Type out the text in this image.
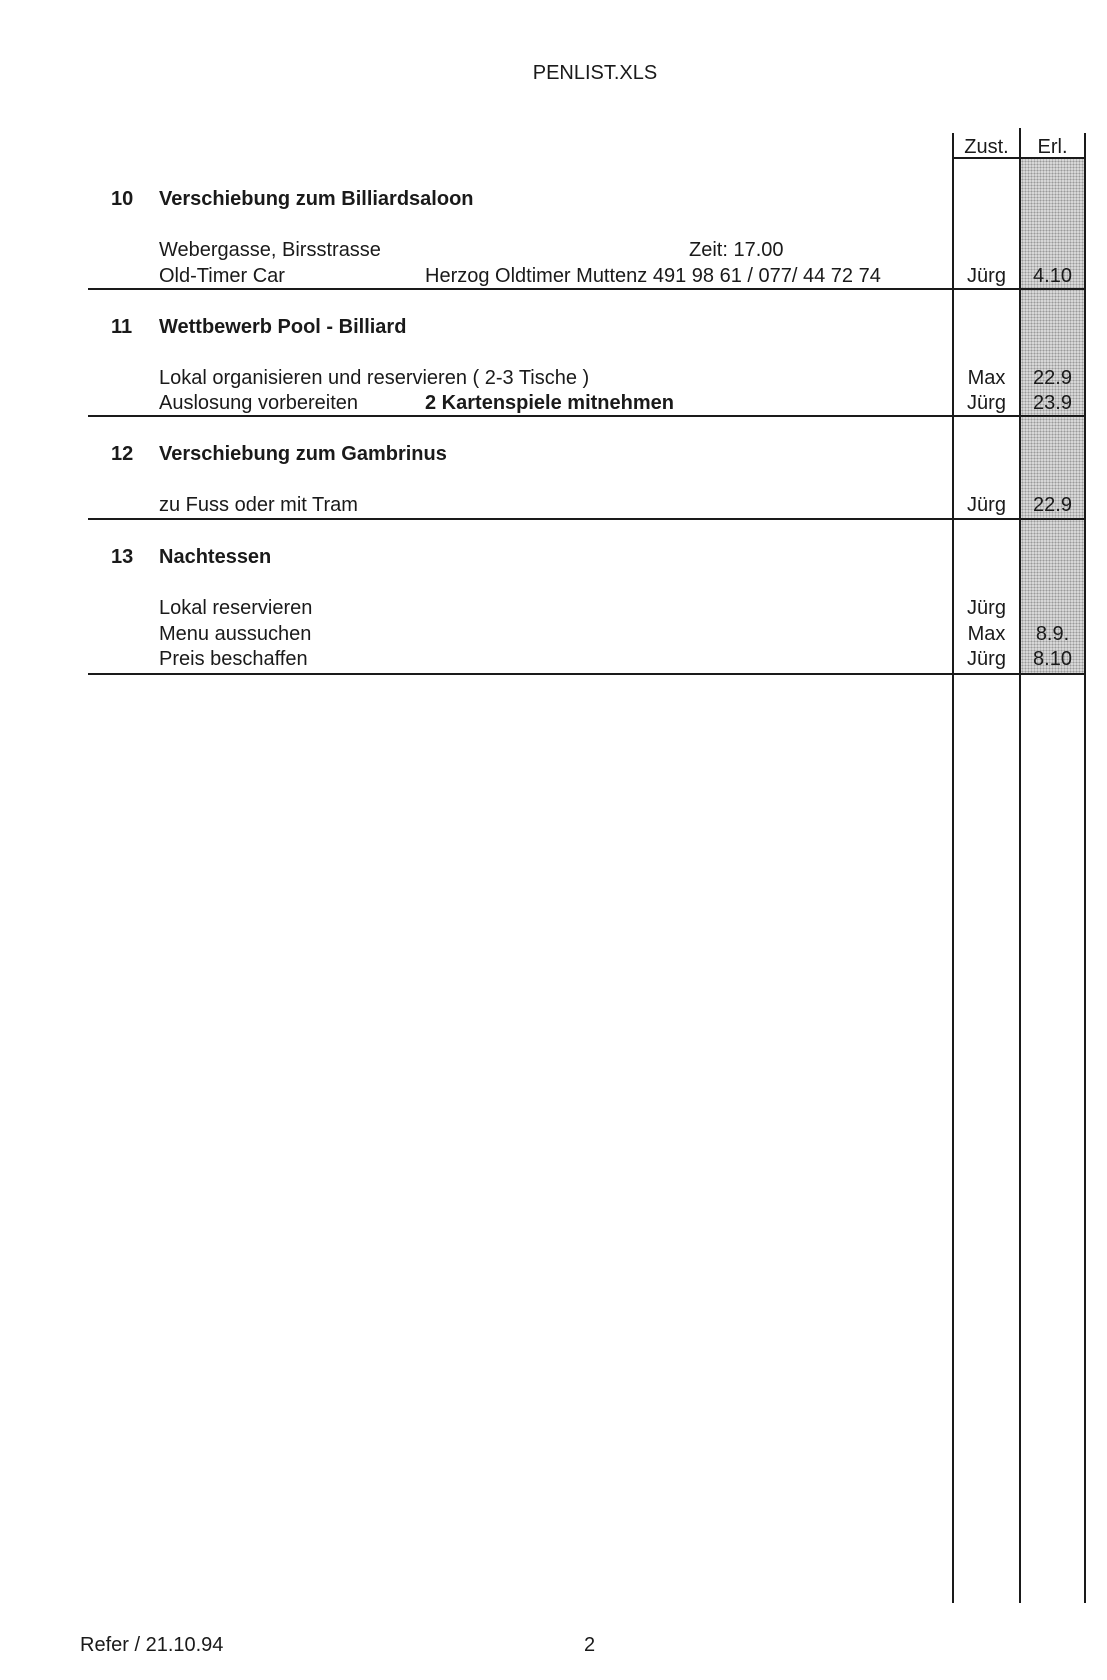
PENLIST.XLS
Zust.	Erl.
10 Verschiebung zum Billiardsaloon
Webergasse, Birsstrasse	Zeit: 17.00
Old-Timer Car	Herzog Oldtimer Muttenz 491 98 61 / 077/ 44 72 74	Jürg	4.10
11 Wettbewerb Pool - Billiard
Lokal organisieren und reservieren ( 2-3 Tische )	Max	22.9
Auslosung vorbereiten	2 Kartenspiele mitnehmen	Jürg	23.9
12 Verschiebung zum Gambrinus
zu Fuss oder mit Tram	Jürg	22.9
13 Nachtessen
Lokal reservieren	Jürg
Menu aussuchen	Max	8.9.
Preis beschaffen	Jürg	8.10
Refer / 21.10.94	2
